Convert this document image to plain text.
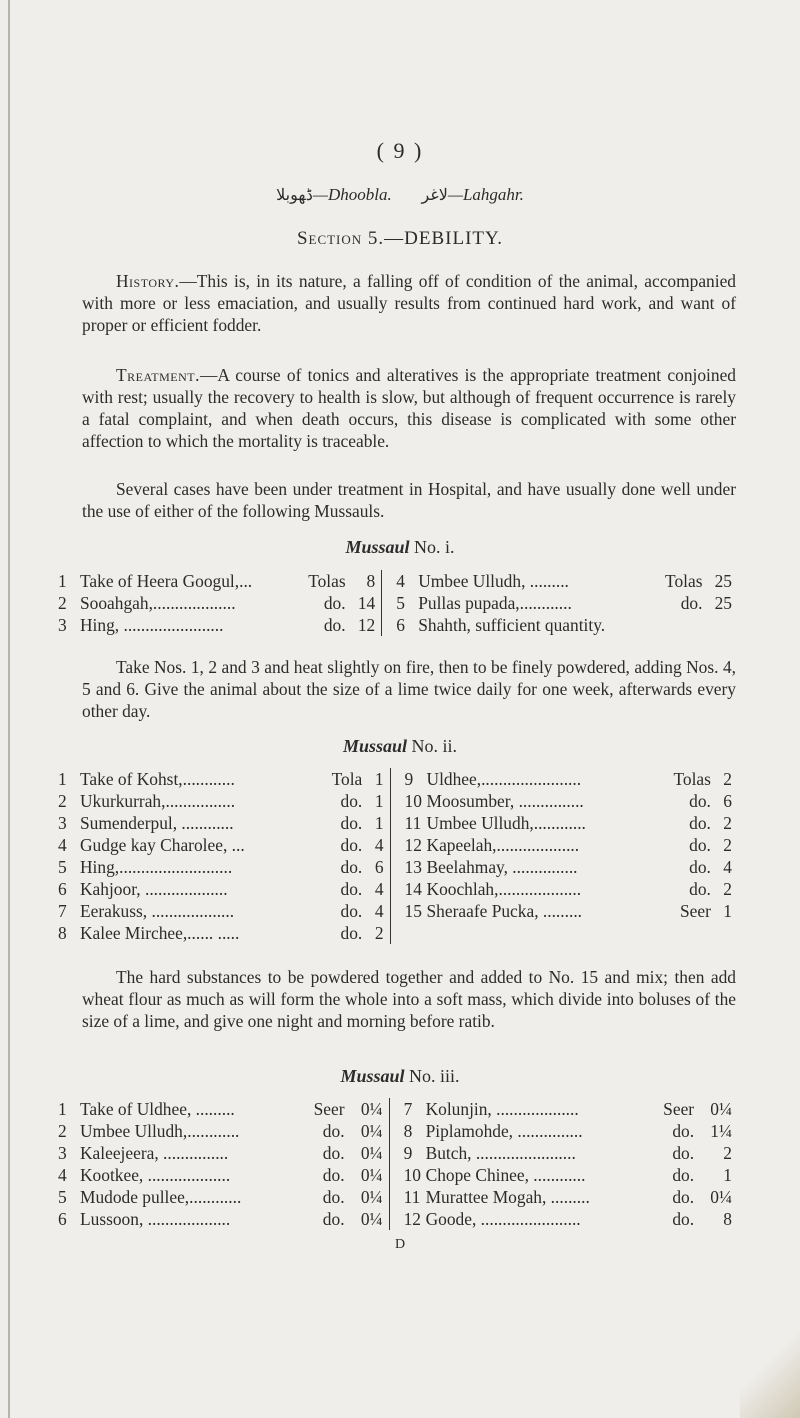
( 9 )
ﮈﻬﻮﺑﻼ—Dhoobla. ﻻﻏﺮ—Lahgahr.
Section 5.—DEBILITY.

History.—This is, in its nature, a falling off of condition of the animal, accompanied with more or less emaciation, and usually results from continued hard work, and want of proper or efficient fodder.

Treatment.—A course of tonics and alteratives is the appropriate treatment conjoined with rest; usually the recovery to health is slow, but although of frequent occurrence is rarely a fatal complaint, and when death occurs, this disease is complicated with some other affection to which the mortality is traceable.

Several cases have been under treatment in Hospital, and have usually done well under the use of either of the following Mussauls.

Mussaul No. i.
1	Take of Heera Googul,...	Tolas	8		4	Umbee Ulludh, .........	Tolas	25
2	Sooahgah,...................	do.	14		5	Pullas pupada,............	do.	25
3	Hing, .......................	do.	12		6	Shahth, sufficient quantity.		

Take Nos. 1, 2 and 3 and heat slightly on fire, then to be finely powdered, adding Nos. 4, 5 and 6. Give the animal about the size of a lime twice daily for one week, afterwards every other day.

Mussaul No. ii.
1	Take of Kohst,............	Tola	1		9	Uldhee,.......................	Tolas	2
2	Ukurkurrah,................	do.	1		10	Moosumber, ...............	do.	6
3	Sumenderpul, ............	do.	1		11	Umbee Ulludh,............	do.	2
4	Gudge kay Charolee, ...	do.	4		12	Kapeelah,...................	do.	2
5	Hing,..........................	do.	6		13	Beelahmay, ...............	do.	4
6	Kahjoor, ...................	do.	4		14	Koochlah,...................	do.	2
7	Eerakuss, ...................	do.	4		15	Sheraafe Pucka, .........	Seer	1
8	Kalee Mirchee,...... .....	do.	2					

The hard substances to be powdered together and added to No. 15 and mix; then add wheat flour as much as will form the whole into a soft mass, which divide into boluses of the size of a lime, and give one night and morning before ratib.

Mussaul No. iii.
1	Take of Uldhee, .........	Seer	0¼		7	Kolunjin, ...................	Seer	0¼
2	Umbee Ulludh,............	do.	0¼		8	Piplamohde, ...............	do.	1¼
3	Kaleejeera, ...............	do.	0¼		9	Butch, .......................	do.	2
4	Kootkee, ...................	do.	0¼		10	Chope Chinee, ............	do.	1
5	Mudode pullee,............	do.	0¼		11	Murattee Mogah, .........	do.	0¼
6	Lussoon, ...................	do.	0¼		12	Goode, .......................	do.	8
D
